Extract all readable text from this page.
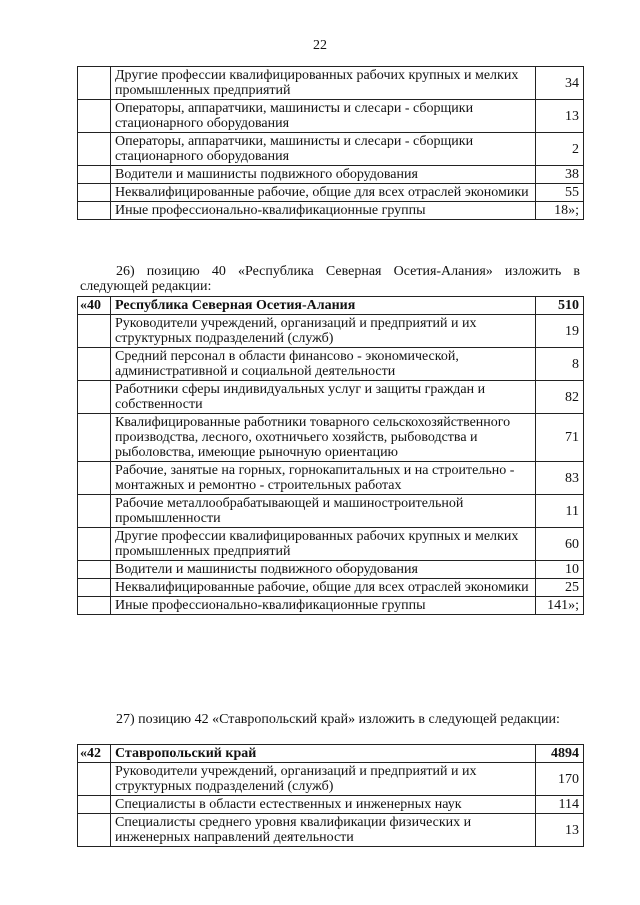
22
	Другие профессии квалифицированных рабочих крупных и мелких промышленных предприятий	34
	Операторы, аппаратчики, машинисты и слесари - сборщики стационарного оборудования	13
	Операторы, аппаратчики, машинисты и слесари - сборщики стационарного оборудования	2
	Водители и машинисты подвижного оборудования	38
	Неквалифицированные рабочие, общие для всех отраслей экономики	55
	Иные профессионально-квалификационные группы	18»;
26) позицию 40 «Республика Северная Осетия-Алания» изложить в следующей редакции:
«40	Республика Северная Осетия-Алания	510
	Руководители учреждений, организаций и предприятий и их структурных подразделений (служб)	19
	Средний персонал в области финансово - экономической, административной и социальной деятельности	8
	Работники сферы индивидуальных услуг и защиты граждан и собственности	82
	Квалифицированные работники товарного сельскохозяйственного производства, лесного, охотничьего хозяйств, рыбоводства и рыболовства, имеющие рыночную ориентацию	71
	Рабочие, занятые на горных, горнокапитальных и на строительно - монтажных и ремонтно - строительных работах	83
	Рабочие металлообрабатывающей и машиностроительной промышленности	11
	Другие профессии квалифицированных рабочих крупных и мелких промышленных предприятий	60
	Водители и машинисты подвижного оборудования	10
	Неквалифицированные рабочие, общие для всех отраслей экономики	25
	Иные профессионально-квалификационные группы	141»;
27) позицию 42 «Ставропольский край» изложить в следующей редакции:
«42	Ставропольский край	4894
	Руководители учреждений, организаций и предприятий и их структурных подразделений (служб)	170
	Специалисты в области естественных и инженерных наук	114
	Специалисты среднего уровня квалификации физических и инженерных направлений деятельности	13
